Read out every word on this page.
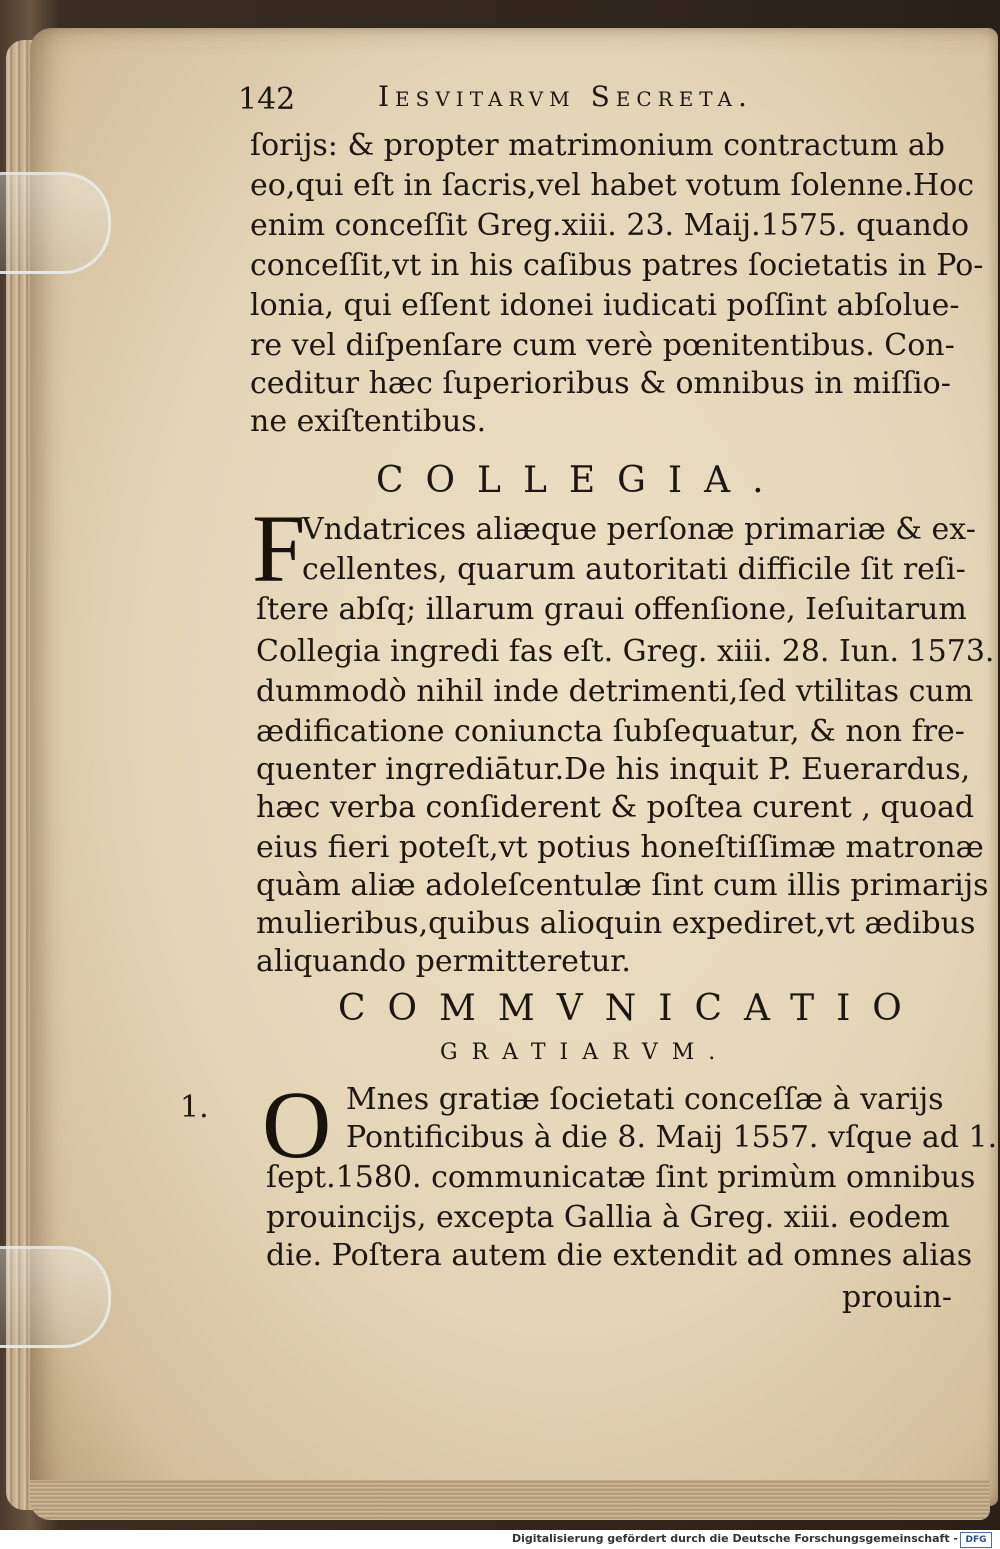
142	Iesvitarvm Secreta.
ſorijs: & propter matrimonium contractum ab
eo,qui eſt in ſacris,vel habet votum ſolenne.Hoc
enim conceſſit Greg.xiii. 23. Maij.1575. quando
conceſſit,vt in his caſibus patres ſocietatis in Po-
lonia, qui eſſent idonei iudicati poſſint abſolue-
re vel diſpenſare cum verè pœnitentibus. Con-
ceditur hæc ſuperioribus & omnibus in miſſio-
ne exiſtentibus.
COLLEGIA.
F
Vndatrices aliæque perſonæ primariæ & ex-
cellentes, quarum autoritati difficile ſit reſi-
ſtere abſq; illarum graui offenſione, Ieſuitarum
Collegia ingredi fas eſt. Greg. xiii. 28. Iun. 1573.
dummodò nihil inde detrimenti,ſed vtilitas cum
ædificatione coniuncta ſubſequatur, & non fre-
quenter ingrediātur.De his inquit P. Euerardus,
hæc verba conſiderent & poſtea curent , quoad
eius fieri poteſt,vt potius honeſtiſſimæ matronæ
quàm aliæ adoleſcentulæ ſint cum illis primarijs
mulieribus,quibus alioquin expediret,vt ædibus
aliquando permitteretur.
COMMVNICATIO
GRATIARVM.
1. O Mnes gratiæ ſocietati conceſſæ à varijs
Pontificibus à die 8. Maij 1557. vſque ad 1.
ſept.1580. communicatæ ſint primùm omnibus
prouincijs, excepta Gallia à Greg. xiii. eodem
die. Poſtera autem die extendit ad omnes alias
prouin-
Digitalisierung gefördert durch die Deutsche Forschungsgemeinschaft - DFG
